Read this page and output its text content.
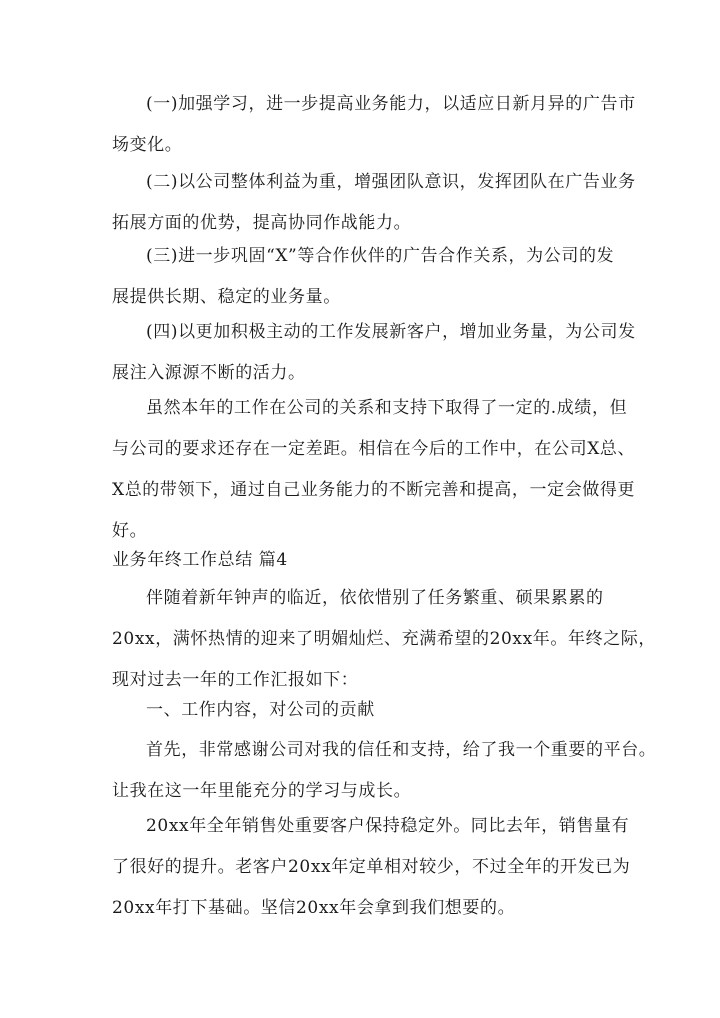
(一)加强学习，进一步提高业务能力，以适应日新月异的广告市
场变化。

(二)以公司整体利益为重，增强团队意识，发挥团队在广告业务
拓展方面的优势，提高协同作战能力。

(三)进一步巩固“X”等合作伙伴的广告合作关系，为公司的发
展提供长期、稳定的业务量。

(四)以更加积极主动的工作发展新客户，增加业务量，为公司发
展注入源源不断的活力。

虽然本年的工作在公司的关系和支持下取得了一定的.成绩，但
与公司的要求还存在一定差距。相信在今后的工作中，在公司X总、
X总的带领下，通过自己业务能力的不断完善和提高，一定会做得更
好。

业务年终工作总结 篇4

伴随着新年钟声的临近，依依惜别了任务繁重、硕果累累的
20xx，满怀热情的迎来了明媚灿烂、充满希望的20xx年。年终之际，
现对过去一年的工作汇报如下：

一、工作内容，对公司的贡献

首先，非常感谢公司对我的信任和支持，给了我一个重要的平台。
让我在这一年里能充分的学习与成长。

20xx年全年销售处重要客户保持稳定外。同比去年，销售量有
了很好的提升。老客户20xx年定单相对较少，不过全年的开发已为
20xx年打下基础。坚信20xx年会拿到我们想要的。
